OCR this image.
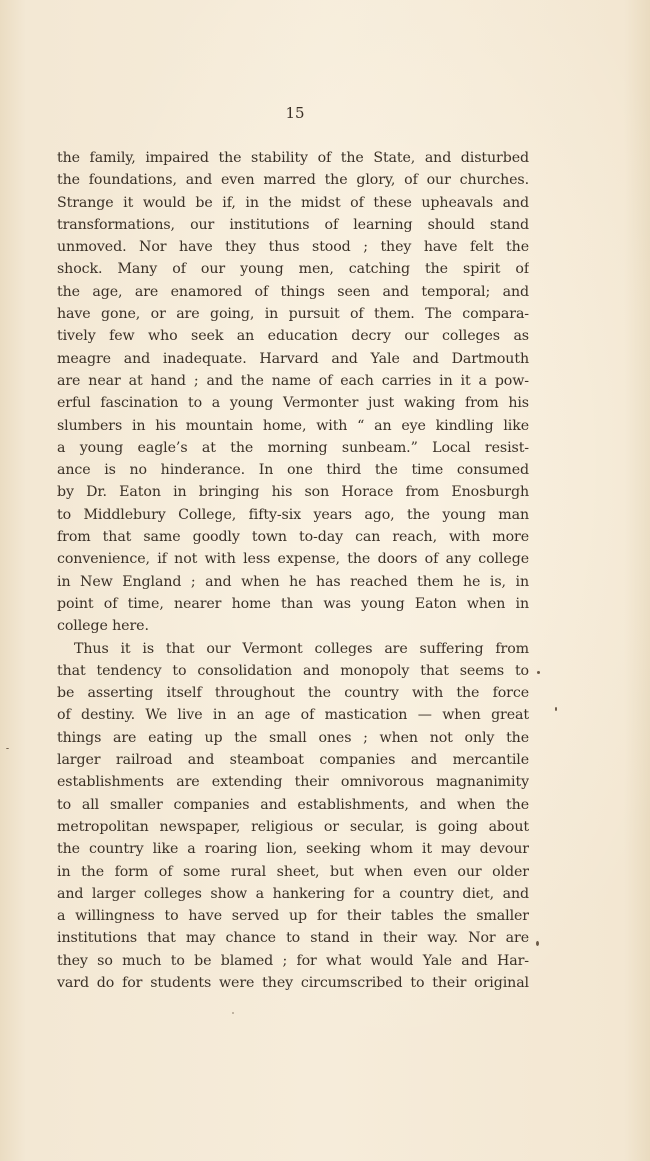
15
the family, impaired the stability of the State, and disturbed
the foundations, and even marred the glory, of our churches.
Strange it would be if, in the midst of these upheavals and
transformations, our institutions of learning should stand
unmoved. Nor have they thus stood ; they have felt the
shock. Many of our young men, catching the spirit of
the age, are enamored of things seen and temporal; and
have gone, or are going, in pursuit of them. The compara-
tively few who seek an education decry our colleges as
meagre and inadequate. Harvard and Yale and Dartmouth
are near at hand ; and the name of each carries in it a pow-
erful fascination to a young Vermonter just waking from his
slumbers in his mountain home, with “ an eye kindling like
a young eagle’s at the morning sunbeam.” Local resist-
ance is no hinderance. In one third the time consumed
by Dr. Eaton in bringing his son Horace from Enosburgh
to Middlebury College, fifty-six years ago, the young man
from that same goodly town to-day can reach, with more
convenience, if not with less expense, the doors of any college
in New England ; and when he has reached them he is, in
point of time, nearer home than was young Eaton when in
college here.
Thus it is that our Vermont colleges are suffering from
that tendency to consolidation and monopoly that seems to
be asserting itself throughout the country with the force
of destiny. We live in an age of mastication — when great
things are eating up the small ones ; when not only the
larger railroad and steamboat companies and mercantile
establishments are extending their omnivorous magnanimity
to all smaller companies and establishments, and when the
metropolitan newspaper, religious or secular, is going about
the country like a roaring lion, seeking whom it may devour
in the form of some rural sheet, but when even our older
and larger colleges show a hankering for a country diet, and
a willingness to have served up for their tables the smaller
institutions that may chance to stand in their way. Nor are
they so much to be blamed ; for what would Yale and Har-
vard do for students were they circumscribed to their original
